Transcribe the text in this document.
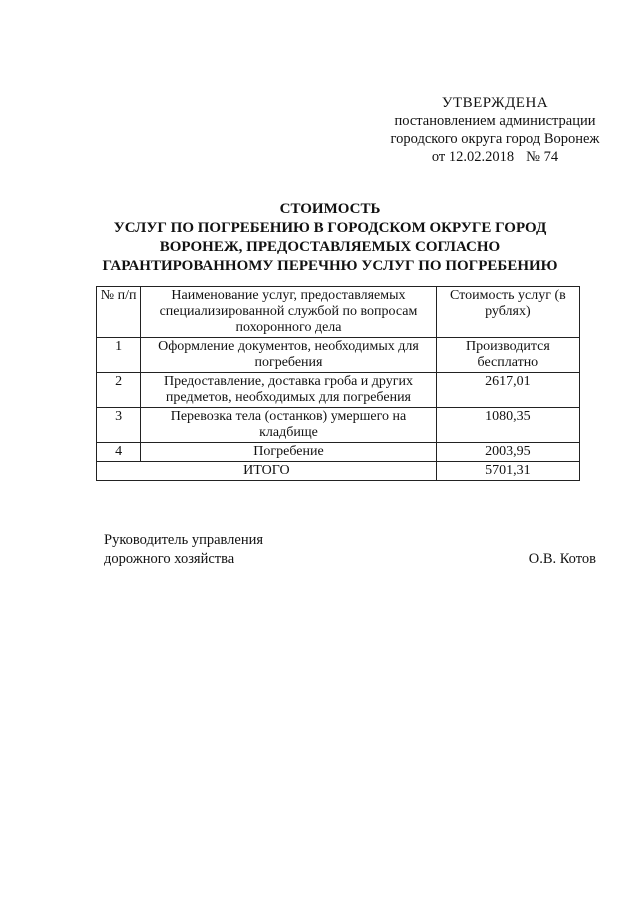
УТВЕРЖДЕНА
постановлением администрации
городского округа город Воронеж
от 12.02.2018 № 74
СТОИМОСТЬ
УСЛУГ ПО ПОГРЕБЕНИЮ В ГОРОДСКОМ ОКРУГЕ ГОРОД
ВОРОНЕЖ, ПРЕДОСТАВЛЯЕМЫХ СОГЛАСНО
ГАРАНТИРОВАННОМУ ПЕРЕЧНЮ УСЛУГ ПО ПОГРЕБЕНИЮ
№ п/п	Наименование услуг, предоставляемых специализированной службой по вопросам похоронного дела	Стоимость услуг (в рублях)
1	Оформление документов, необходимых для погребения	Производится бесплатно
2	Предоставление, доставка гроба и других предметов, необходимых для погребения	2617,01
3	Перевозка тела (останков) умершего на кладбище	1080,35
4	Погребение	2003,95
ИТОГО		5701,31
Руководитель управления
дорожного хозяйства	О.В. Котов
